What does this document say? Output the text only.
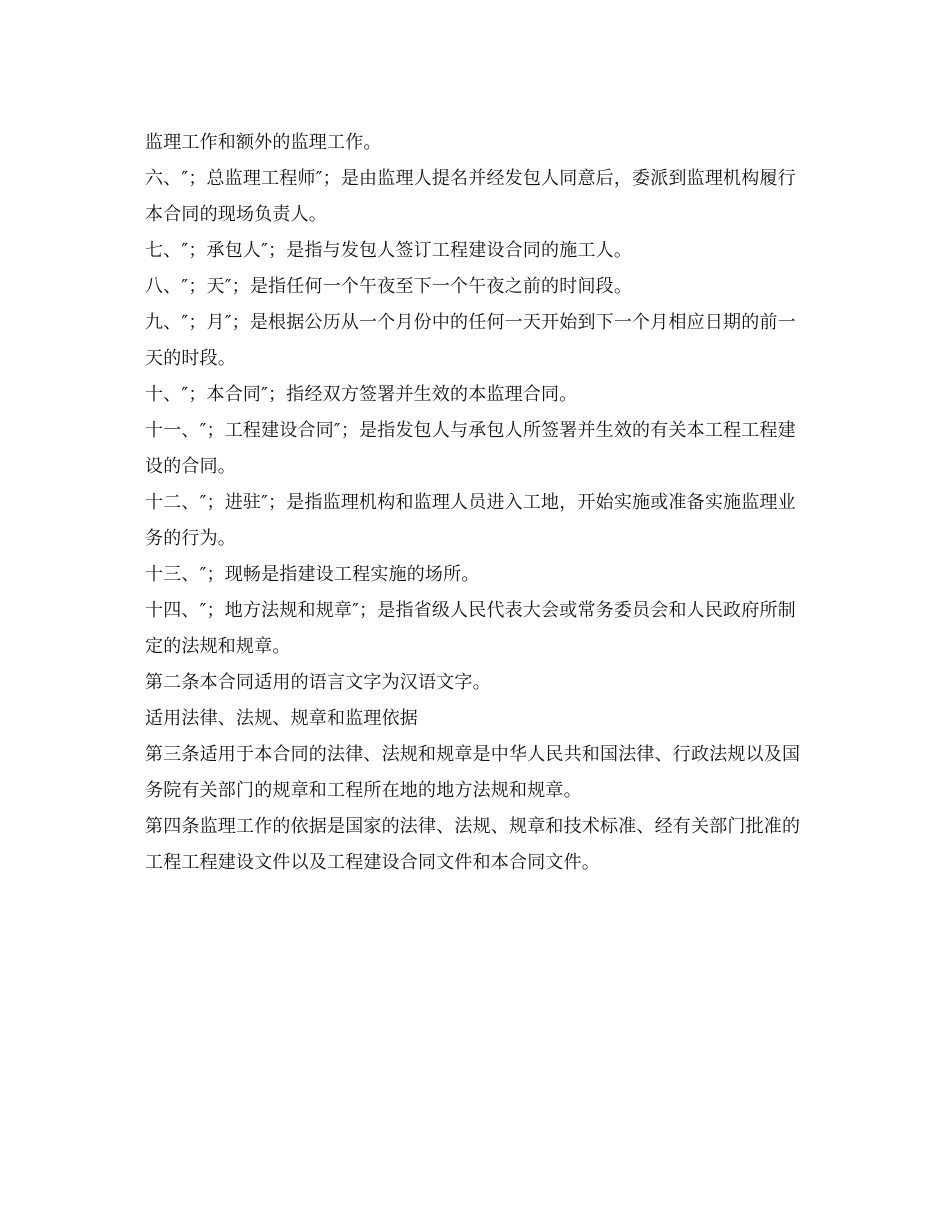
监理工作和额外的监理工作。

六、″；总监理工程师″；是由监理人提名并经发包人同意后，委派到监理机构履行本合同的现场负责人。

七、″；承包人″；是指与发包人签订工程建设合同的施工人。

八、″；天″；是指任何一个午夜至下一个午夜之前的时间段。

九、″；月″；是根据公历从一个月份中的任何一天开始到下一个月相应日期的前一天的时段。

十、″；本合同″；指经双方签署并生效的本监理合同。

十一、″；工程建设合同″；是指发包人与承包人所签署并生效的有关本工程工程建设的合同。

十二、″；进驻″；是指监理机构和监理人员进入工地，开始实施或准备实施监理业务的行为。

十三、″；现畅是指建设工程实施的场所。

十四、″；地方法规和规章″；是指省级人民代表大会或常务委员会和人民政府所制定的法规和规章。

第二条本合同适用的语言文字为汉语文字。

适用法律、法规、规章和监理依据

第三条适用于本合同的法律、法规和规章是中华人民共和国法律、行政法规以及国务院有关部门的规章和工程所在地的地方法规和规章。

第四条监理工作的依据是国家的法律、法规、规章和技术标准、经有关部门批准的工程工程建设文件以及工程建设合同文件和本合同文件。
